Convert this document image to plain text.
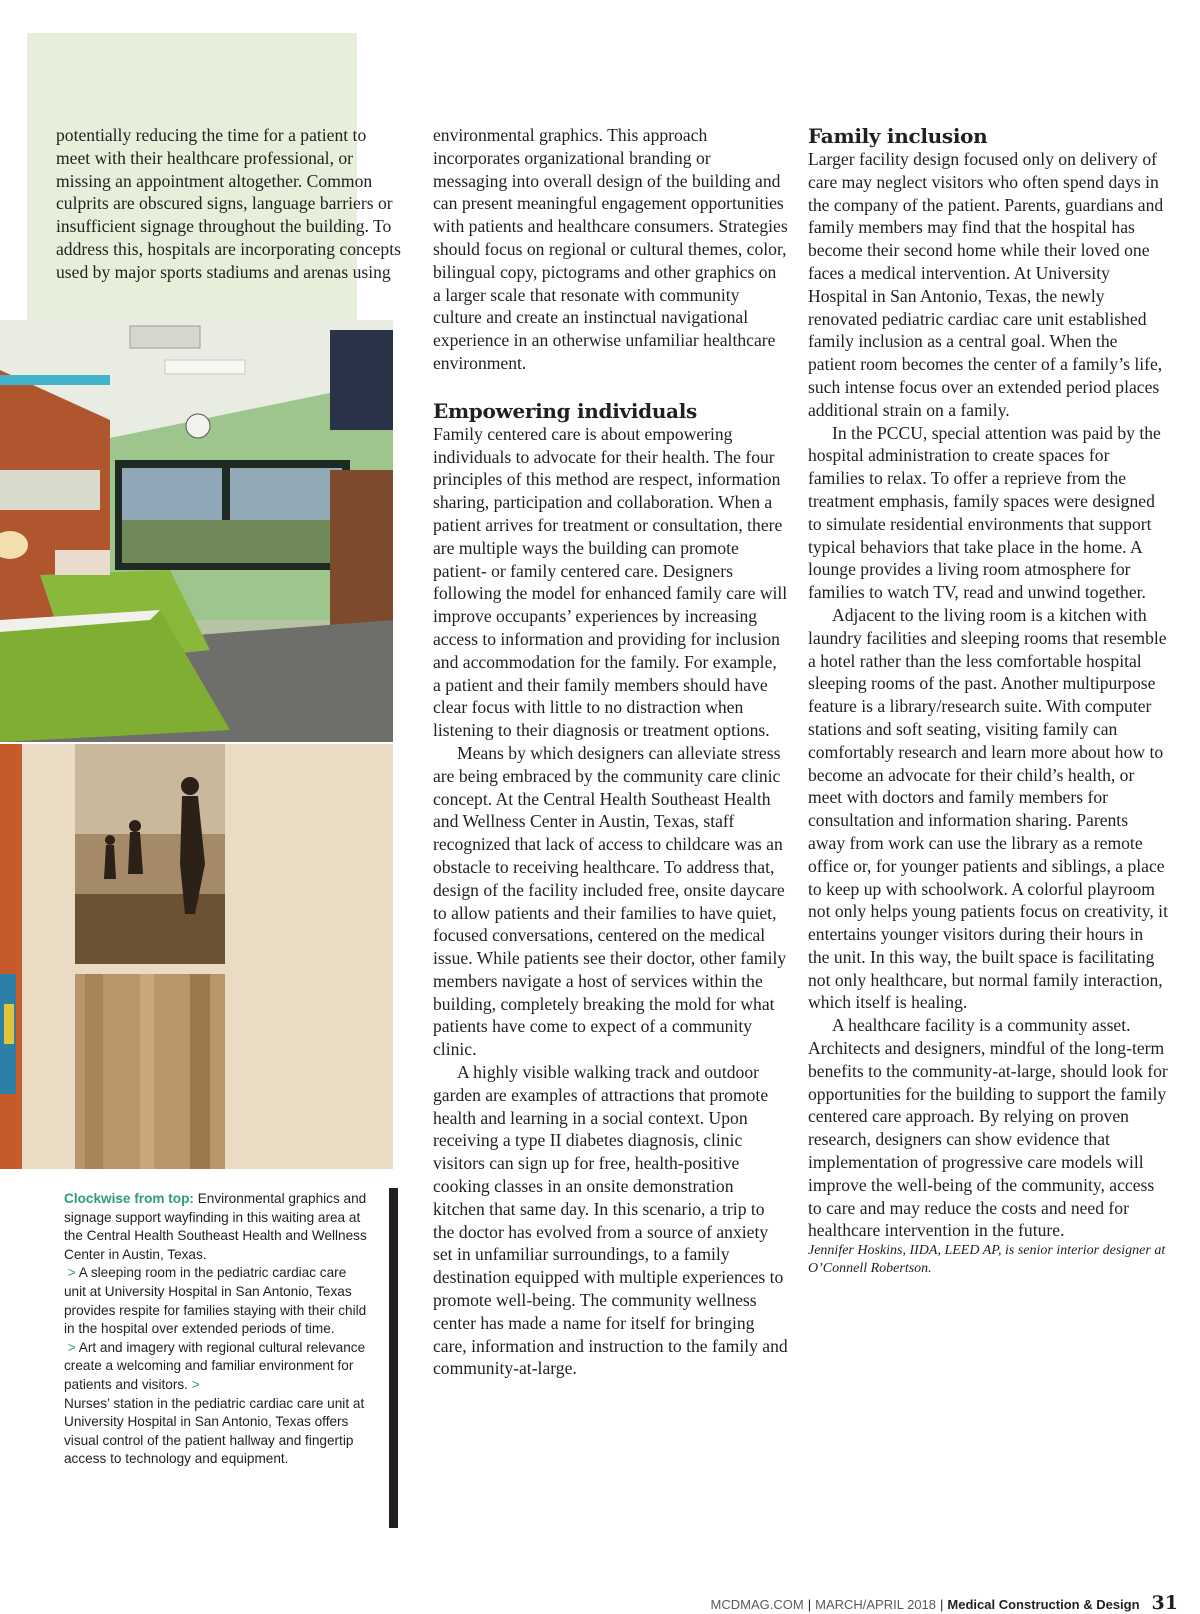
potentially reducing the time for a patient to meet with their healthcare professional, or missing an appointment altogether. Common culprits are obscured signs, language barriers or insufficient signage throughout the building. To address this, hospitals are incorporating concepts used by major sports stadiums and arenas using

environmental graphics. This approach incorporates organizational branding or messaging into overall design of the building and can present meaningful engagement opportunities with patients and healthcare consumers. Strategies should focus on regional or cultural themes, color, bilingual copy, pictograms and other graphics on a larger scale that resonate with community culture and create an instinctual navigational experience in an otherwise unfamiliar healthcare environment.

Empowering individuals

Family centered care is about empowering individuals to advocate for their health. The four principles of this method are respect, information sharing, participation and collaboration. When a patient arrives for treatment or consultation, there are multiple ways the building can promote patient- or family centered care. Designers following the model for enhanced family care will improve occupants’ experiences by increasing access to information and providing for inclusion and accommodation for the family. For example, a patient and their family members should have clear focus with little to no distraction when listening to their diagnosis or treatment options.

Means by which designers can alleviate stress are being embraced by the community care clinic concept. At the Central Health Southeast Health and Wellness Center in Austin, Texas, staff recognized that lack of access to childcare was an obstacle to receiving healthcare. To address that, design of the facility included free, onsite daycare to allow patients and their families to have quiet, focused conversations, centered on the medical issue. While patients see their doctor, other family members navigate a host of services within the building, completely breaking the mold for what patients have come to expect of a community clinic.

A highly visible walking track and outdoor garden are examples of attractions that promote health and learning in a social context. Upon receiving a type II diabetes diagnosis, clinic visitors can sign up for free, health-positive cooking classes in an onsite demonstration kitchen that same day. In this scenario, a trip to the doctor has evolved from a source of anxiety set in unfamiliar surroundings, to a family destination equipped with multiple experiences to promote well-being. The community wellness center has made a name for itself for bringing care, information and instruction to the family and community-at-large.

Family inclusion

Larger facility design focused only on delivery of care may neglect visitors who often spend days in the company of the patient. Parents, guardians and family members may find that the hospital has become their second home while their loved one faces a medical intervention. At University Hospital in San Antonio, Texas, the newly renovated pediatric cardiac care unit established family inclusion as a central goal. When the patient room becomes the center of a family’s life, such intense focus over an extended period places additional strain on a family.

In the PCCU, special attention was paid by the hospital administration to create spaces for families to relax. To offer a reprieve from the treatment emphasis, family spaces were designed to simulate residential environments that support typical behaviors that take place in the home. A lounge provides a living room atmosphere for families to watch TV, read and unwind together.

Adjacent to the living room is a kitchen with laundry facilities and sleeping rooms that resemble a hotel rather than the less comfortable hospital sleeping rooms of the past. Another multipurpose feature is a library/research suite. With computer stations and soft seating, visiting family can comfortably research and learn more about how to become an advocate for their child’s health, or meet with doctors and family members for consultation and information sharing. Parents away from work can use the library as a remote office or, for younger patients and siblings, a place to keep up with schoolwork. A colorful playroom not only helps young patients focus on creativity, it entertains younger visitors during their hours in the unit. In this way, the built space is facilitating not only healthcare, but normal family interaction, which itself is healing.

A healthcare facility is a community asset. Architects and designers, mindful of the long-term benefits to the community-at-large, should look for opportunities for the building to support the family centered care approach. By relying on proven research, designers can show evidence that implementation of progressive care models will improve the well-being of the community, access to care and may reduce the costs and need for healthcare intervention in the future.

Jennifer Hoskins, IIDA, LEED AP, is senior interior designer at O’Connell Robertson.

Clockwise from top: Environmental graphics and signage support wayfinding in this waiting area at the Central Health Southeast Health and Wellness Center in Austin, Texas.

> A sleeping room in the pediatric cardiac care unit at University Hospital in San Antonio, Texas provides respite for families staying with their child in the hospital over extended periods of time.

> Art and imagery with regional cultural relevance create a welcoming and familiar environment for patients and visitors. >

Nurses’ station in the pediatric cardiac care unit at University Hospital in San Antonio, Texas offers visual control of the patient hallway and fingertip access to technology and equipment.

MCDMAG.COM | MARCH/APRIL 2018 | Medical Construction & Design 31
